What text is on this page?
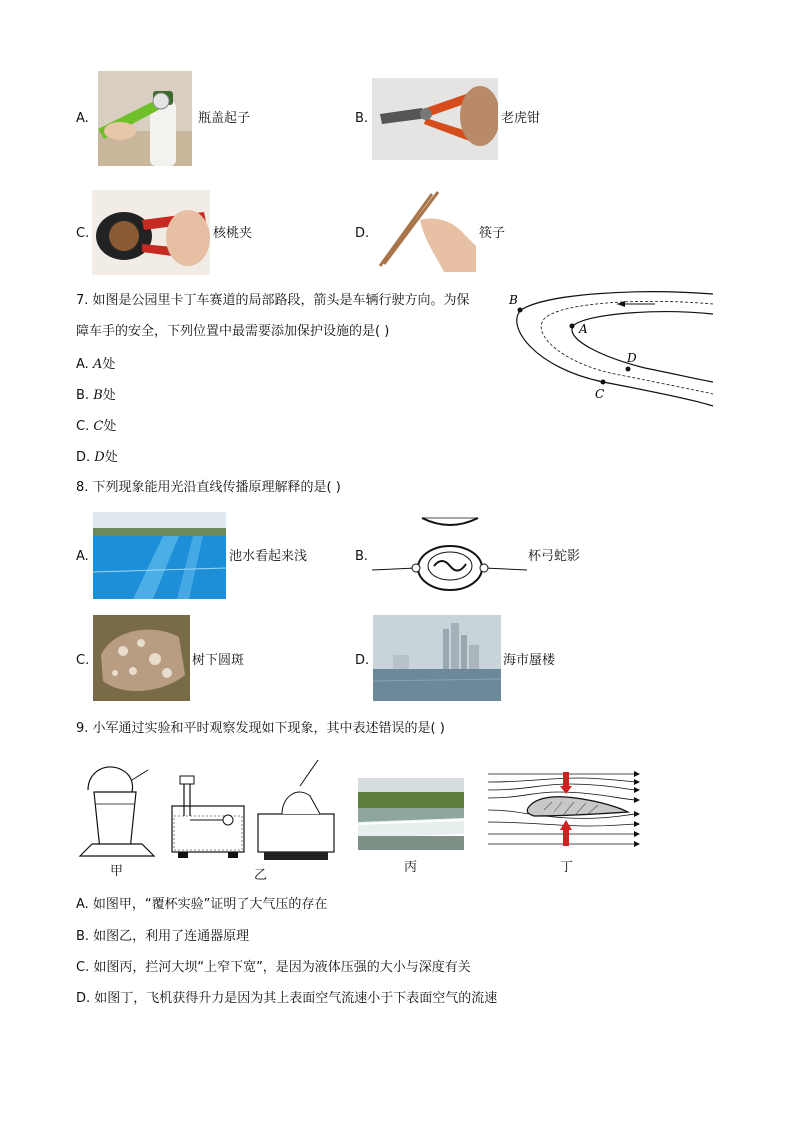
A.	瓶盖起子	B.	老虎钳
C.	核桃夹	D.	筷子
7. 如图是公园里卡丁车赛道的局部路段，箭头是车辆行驶方向。为保
障车手的安全，下列位置中最需要添加保护设施的是( )
A. A处
B. B处
C. C处
D. D处
B
A
D
C
8. 下列现象能用光沿直线传播原理解释的是( )
A.	池水看起来浅	B.	杯弓蛇影
C.	树下圆斑	D.	海市蜃楼
9. 小军通过实验和平时观察发现如下现象，其中表述错误的是( )
甲	乙
丙	丁
A. 如图甲，“覆杯实验”证明了大气压的存在
B. 如图乙，利用了连通器原理
C. 如图丙，拦河大坝“上窄下宽”，是因为液体压强的大小与深度有关
D. 如图丁，飞机获得升力是因为其上表面空气流速小于下表面空气的流速
